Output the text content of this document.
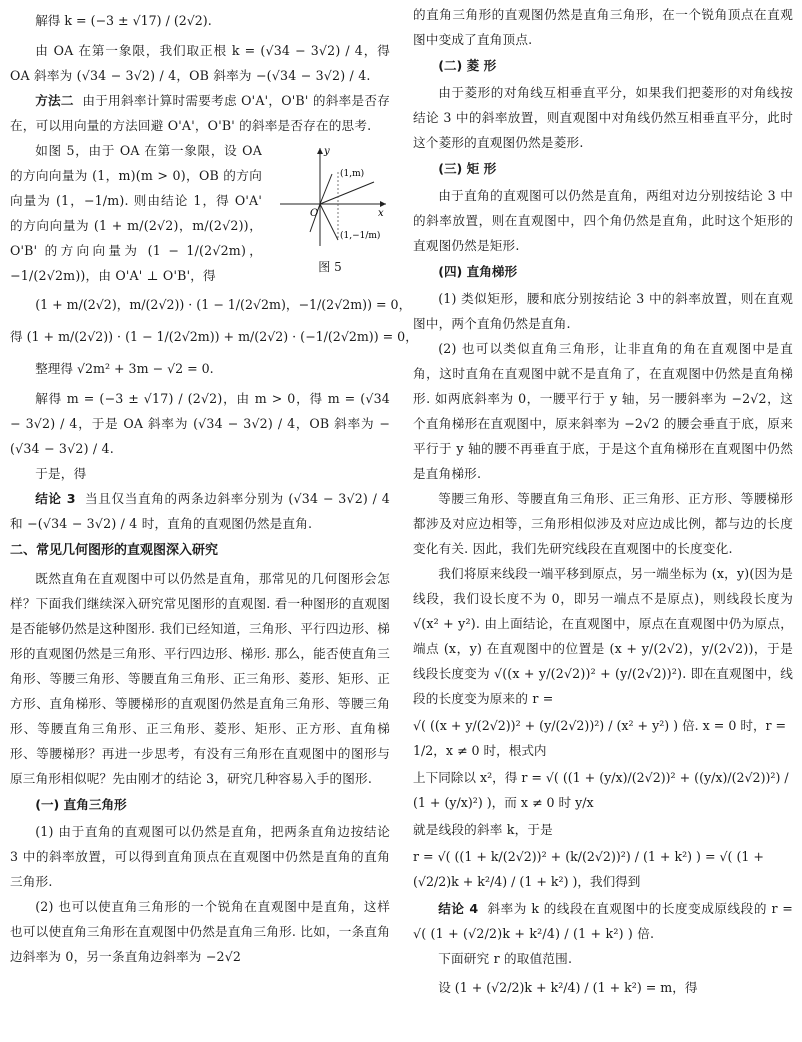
解得 k = (−3 ± √17) / (2√2).

由 OA 在第一象限，我们取正根 k = (√34 − 3√2) / 4，得 OA 斜率为 (√34 − 3√2) / 4，OB 斜率为 −(√34 − 3√2) / 4.

方法二 由于用斜率计算时需要考虑 O'A'，O'B' 的斜率是否存在，可以用向量的方法回避 O'A'，O'B' 的斜率是否存在的思考.

y
x
O
(1,m)
(1,−1/m)
图 5

如图 5，由于 OA 在第一象限，设 OA 的方向向量为 (1，m)(m > 0)，OB 的方向向量为 (1，−1/m). 则由结论 1，得 O'A' 的方向向量为 (1 + m/(2√2)，m/(2√2))，O'B' 的方向向量为 (1 − 1/(2√2m)，−1/(2√2m))，由 O'A' ⊥ O'B'，得

(1 + m/(2√2)，m/(2√2)) · (1 − 1/(2√2m)，−1/(2√2m)) = 0，

得 (1 + m/(2√2)) · (1 − 1/(2√2m)) + m/(2√2) · (−1/(2√2m)) = 0，

整理得 √2m² + 3m − √2 = 0.

解得 m = (−3 ± √17) / (2√2)，由 m > 0，得 m = (√34 − 3√2) / 4，于是 OA 斜率为 (√34 − 3√2) / 4，OB 斜率为 −(√34 − 3√2) / 4.

于是，得

结论 3 当且仅当直角的两条边斜率分别为 (√34 − 3√2) / 4 和 −(√34 − 3√2) / 4 时，直角的直观图仍然是直角.

二、常见几何图形的直观图深入研究

既然直角在直观图中可以仍然是直角，那常见的几何图形会怎样？下面我们继续深入研究常见图形的直观图. 看一种图形的直观图是否能够仍然是这种图形. 我们已经知道，三角形、平行四边形、梯形的直观图仍然是三角形、平行四边形、梯形. 那么，能否使直角三角形、等腰三角形、等腰直角三角形、正三角形、菱形、矩形、正方形、直角梯形、等腰梯形的直观图仍然是直角三角形、等腰三角形、等腰直角三角形、正三角形、菱形、矩形、正方形、直角梯形、等腰梯形？再进一步思考，有没有三角形在直观图中的图形与原三角形相似呢？先由刚才的结论 3，研究几种容易入手的图形.

(一) 直角三角形

(1) 由于直角的直观图可以仍然是直角，把两条直角边按结论 3 中的斜率放置，可以得到直角顶点在直观图中仍然是直角的直角三角形.

(2) 也可以使直角三角形的一个锐角在直观图中是直角，这样也可以使直角三角形在直观图中仍然是直角三角形. 比如，一条直角边斜率为 0，另一条直角边斜率为 −2√2

的直角三角形的直观图仍然是直角三角形，在一个锐角顶点在直观图中变成了直角顶点.

(二) 菱 形

由于菱形的对角线互相垂直平分，如果我们把菱形的对角线按结论 3 中的斜率放置，则直观图中对角线仍然互相垂直平分，此时这个菱形的直观图仍然是菱形.

(三) 矩 形

由于直角的直观图可以仍然是直角，两组对边分别按结论 3 中的斜率放置，则在直观图中，四个角仍然是直角，此时这个矩形的直观图仍然是矩形.

(四) 直角梯形

(1) 类似矩形，腰和底分别按结论 3 中的斜率放置，则在直观图中，两个直角仍然是直角.

(2) 也可以类似直角三角形，让非直角的角在直观图中是直角，这时直角在直观图中就不是直角了，在直观图中仍然是直角梯形. 如两底斜率为 0，一腰平行于 y 轴，另一腰斜率为 −2√2，这个直角梯形在直观图中，原来斜率为 −2√2 的腰会垂直于底，原来平行于 y 轴的腰不再垂直于底，于是这个直角梯形在直观图中仍然是直角梯形.

等腰三角形、等腰直角三角形、正三角形、正方形、等腰梯形都涉及对应边相等，三角形相似涉及对应边成比例，都与边的长度变化有关. 因此，我们先研究线段在直观图中的长度变化.

我们将原来线段一端平移到原点，另一端坐标为 (x，y)(因为是线段，我们设长度不为 0，即另一端点不是原点)，则线段长度为 √(x² + y²). 由上面结论，在直观图中，原点在直观图中仍为原点，端点 (x，y) 在直观图中的位置是 (x + y/(2√2)，y/(2√2))，于是线段长度变为 √((x + y/(2√2))² + (y/(2√2))²). 即在直观图中，线段的长度变为原来的 r =

√( ((x + y/(2√2))² + (y/(2√2))²) / (x² + y²) ) 倍. x = 0 时，r = 1/2，x ≠ 0 时，根式内

上下同除以 x²，得 r = √( ((1 + (y/x)/(2√2))² + ((y/x)/(2√2))²) / (1 + (y/x)²) )，而 x ≠ 0 时 y/x

就是线段的斜率 k，于是

r = √( ((1 + k/(2√2))² + (k/(2√2))²) / (1 + k²) ) = √( (1 + (√2/2)k + k²/4) / (1 + k²) )，我们得到

结论 4 斜率为 k 的线段在直观图中的长度变成原线段的 r = √( (1 + (√2/2)k + k²/4) / (1 + k²) ) 倍.

下面研究 r 的取值范围.

设 (1 + (√2/2)k + k²/4) / (1 + k²) = m，得
